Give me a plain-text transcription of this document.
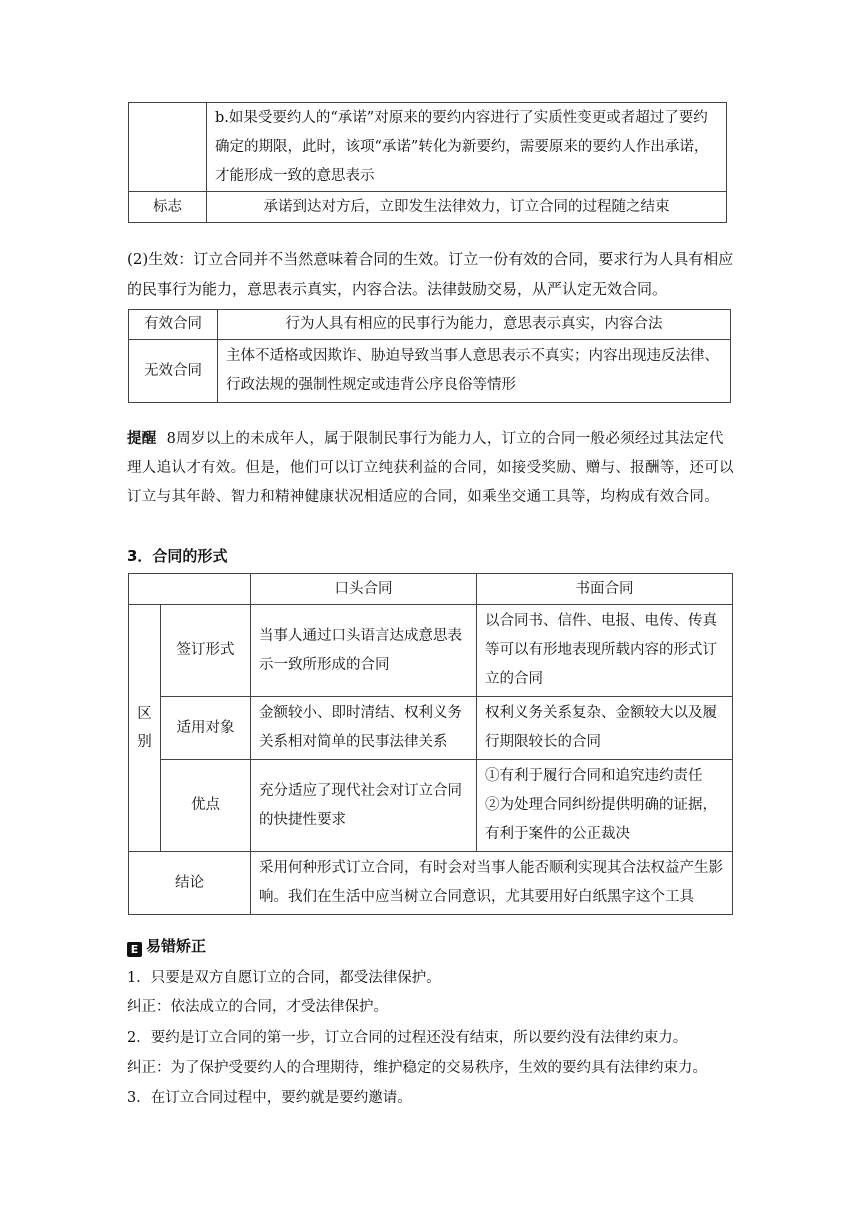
	b.如果受要约人的“承诺”对原来的要约内容进行了实质性变更或者超过了要约确定的期限，此时，该项“承诺”转化为新要约，需要原来的要约人作出承诺，才能形成一致的意思表示
标志	承诺到达对方后，立即发生法律效力，订立合同的过程随之结束
(2)生效：订立合同并不当然意味着合同的生效。订立一份有效的合同，要求行为人具有相应的民事行为能力，意思表示真实，内容合法。法律鼓励交易，从严认定无效合同。
有效合同	行为人具有相应的民事行为能力，意思表示真实，内容合法
无效合同	主体不适格或因欺诈、胁迫导致当事人意思表示不真实；内容出现违反法律、行政法规的强制性规定或违背公序良俗等情形
提醒 8周岁以上的未成年人，属于限制民事行为能力人，订立的合同一般必须经过其法定代理人追认才有效。但是，他们可以订立纯获利益的合同，如接受奖励、赠与、报酬等，还可以订立与其年龄、智力和精神健康状况相适应的合同，如乘坐交通工具等，均构成有效合同。
3．合同的形式
		口头合同	书面合同
区别	签订形式	当事人通过口头语言达成意思表示一致所形成的合同	以合同书、信件、电报、电传、传真等可以有形地表现所载内容的形式订立的合同
	适用对象	金额较小、即时清结、权利义务关系相对简单的民事法律关系	权利义务关系复杂、金额较大以及履行期限较长的合同
	优点	充分适应了现代社会对订立合同的快捷性要求	①有利于履行合同和追究违约责任
②为处理合同纠纷提供明确的证据，有利于案件的公正裁决

结论		采用何种形式订立合同，有时会对当事人能否顺利实现其合法权益产生影响。我们在生活中应当树立合同意识，尤其要用好白纸黑字这个工具	
E 易错矫正
1．只要是双方自愿订立的合同，都受法律保护。
纠正：依法成立的合同，才受法律保护。
2．要约是订立合同的第一步，订立合同的过程还没有结束，所以要约没有法律约束力。
纠正：为了保护受要约人的合理期待，维护稳定的交易秩序，生效的要约具有法律约束力。
3．在订立合同过程中，要约就是要约邀请。
